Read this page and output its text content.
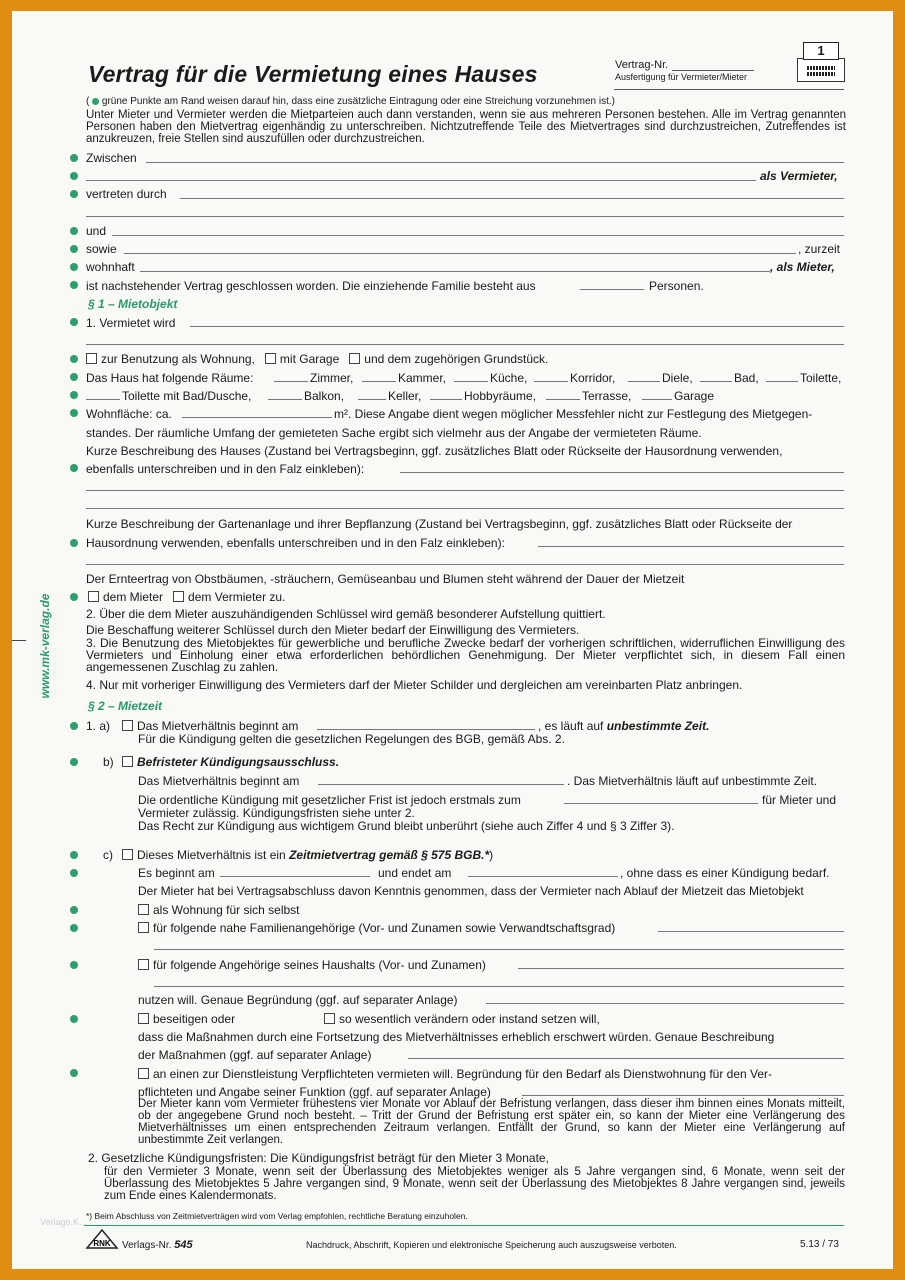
Vertrag für die Vermietung eines Hauses	Vertrag-Nr.
Ausfertigung für Vermieter/Mieter
1
www.mk-verlag.de
( grüne Punkte am Rand weisen darauf hin, dass eine zusätzliche Eintragung oder eine Streichung vorzunehmen ist.)
Unter Mieter und Vermieter werden die Mietparteien auch dann verstanden, wenn sie aus mehreren Personen bestehen. Alle im Vertrag genannten Personen haben den Mietvertrag eigenhändig zu unterschreiben. Nichtzutreffende Teile des Mietvertrages sind durchzustreichen, Zutreffendes ist anzukreuzen, freie Stellen sind auszufüllen oder durchzustreichen.
Zwischen
als Vermieter,
vertreten durch
und
sowie	, zurzeit
wohnhaft	, als Mieter,
ist nachstehender Vertrag geschlossen worden. Die einziehende Familie besteht aus	Personen.
§ 1 – Mietobjekt
1. Vermietet wird
zur Benutzung als Wohnung, mit Garage und dem zugehörigen Grundstück.
Das Haus hat folgende Räume:	Zimmer,	Kammer,	Küche,	Korridor,	Diele,	Bad,	Toilette,
Toilette mit Bad/Dusche,	Balkon,	Keller,	Hobbyräume,	Terrasse,	Garage
Wohnfläche: ca.	m². Diese Angabe dient wegen möglicher Messfehler nicht zur Festlegung des Mietgegen-
standes. Der räumliche Umfang der gemieteten Sache ergibt sich vielmehr aus der Angabe der vermieteten Räume.
Kurze Beschreibung des Hauses (Zustand bei Vertragsbeginn, ggf. zusätzliches Blatt oder Rückseite der Hausordnung verwenden,
ebenfalls unterschreiben und in den Falz einkleben):
Kurze Beschreibung der Gartenanlage und ihrer Bepflanzung (Zustand bei Vertragsbeginn, ggf. zusätzliches Blatt oder Rückseite der
Hausordnung verwenden, ebenfalls unterschreiben und in den Falz einkleben):
Der Ernteertrag von Obstbäumen, -sträuchern, Gemüseanbau und Blumen steht während der Dauer der Mietzeit
dem Mieter dem Vermieter zu.
2. Über die dem Mieter auszuhändigenden Schlüssel wird gemäß besonderer Aufstellung quittiert.
Die Beschaffung weiterer Schlüssel durch den Mieter bedarf der Einwilligung des Vermieters.
3. Die Benutzung des Mietobjektes für gewerbliche und berufliche Zwecke bedarf der vorherigen schriftlichen, widerruflichen Einwilligung des Vermieters und Einholung einer etwa erforderlichen behördlichen Genehmigung. Der Mieter verpflichtet sich, in diesem Fall einen angemessenen Zuschlag zu zahlen.
4. Nur mit vorheriger Einwilligung des Vermieters darf der Mieter Schilder und dergleichen am vereinbarten Platz anbringen.
§ 2 – Mietzeit
1. a)	Das Mietverhältnis beginnt am	, es läuft auf unbestimmte Zeit.
Für die Kündigung gelten die gesetzlichen Regelungen des BGB, gemäß Abs. 2.
b)	Befristeter Kündigungsausschluss.
Das Mietverhältnis beginnt am	. Das Mietverhältnis läuft auf unbestimmte Zeit.
Die ordentliche Kündigung mit gesetzlicher Frist ist jedoch erstmals zum	für Mieter und
Vermieter zulässig. Kündigungsfristen siehe unter 2.
Das Recht zur Kündigung aus wichtigem Grund bleibt unberührt (siehe auch Ziffer 4 und § 3 Ziffer 3).
c)	Dieses Mietverhältnis ist ein Zeitmietvertrag gemäß § 575 BGB.*)
Es beginnt am	und endet am	, ohne dass es einer Kündigung bedarf.
Der Mieter hat bei Vertragsabschluss davon Kenntnis genommen, dass der Vermieter nach Ablauf der Mietzeit das Mietobjekt
als Wohnung für sich selbst
für folgende nahe Familienangehörige (Vor- und Zunamen sowie Verwandtschaftsgrad)
für folgende Angehörige seines Haushalts (Vor- und Zunamen)
nutzen will. Genaue Begründung (ggf. auf separater Anlage)
beseitigen oder	so wesentlich verändern oder instand setzen will,
dass die Maßnahmen durch eine Fortsetzung des Mietverhältnisses erheblich erschwert würden. Genaue Beschreibung
der Maßnahmen (ggf. auf separater Anlage)
an einen zur Dienstleistung Verpflichteten vermieten will. Begründung für den Bedarf als Dienstwohnung für den Ver-
pflichteten und Angabe seiner Funktion (ggf. auf separater Anlage)
Der Mieter kann vom Vermieter frühestens vier Monate vor Ablauf der Befristung verlangen, dass dieser ihm binnen eines Monats mitteilt, ob der angegebene Grund noch besteht. – Tritt der Grund der Befristung erst später ein, so kann der Mieter eine Verlängerung des Mietverhältnisses um einen entsprechenden Zeitraum verlangen. Entfällt der Grund, so kann der Mieter eine Verlängerung auf unbestimmte Zeit verlangen.
2. Gesetzliche Kündigungsfristen: Die Kündigungsfrist beträgt für den Mieter 3 Monate,
für den Vermieter 3 Monate, wenn seit der Überlassung des Mietobjektes weniger als 5 Jahre vergangen sind, 6 Monate, wenn seit der Überlassung des Mietobjektes 5 Jahre vergangen sind, 9 Monate, wenn seit der Überlassung des Mietobjektes 8 Jahre vergangen sind, jeweils zum Ende eines Kalendermonats.
*) Beim Abschluss von Zeitmietverträgen wird vom Verlag empfohlen, rechtliche Beratung einzuholen.
Verlage.K...
RNK Verlags-Nr. 545	Nachdruck, Abschrift, Kopieren und elektronische Speicherung auch auszugsweise verboten.	5.13 / 73
